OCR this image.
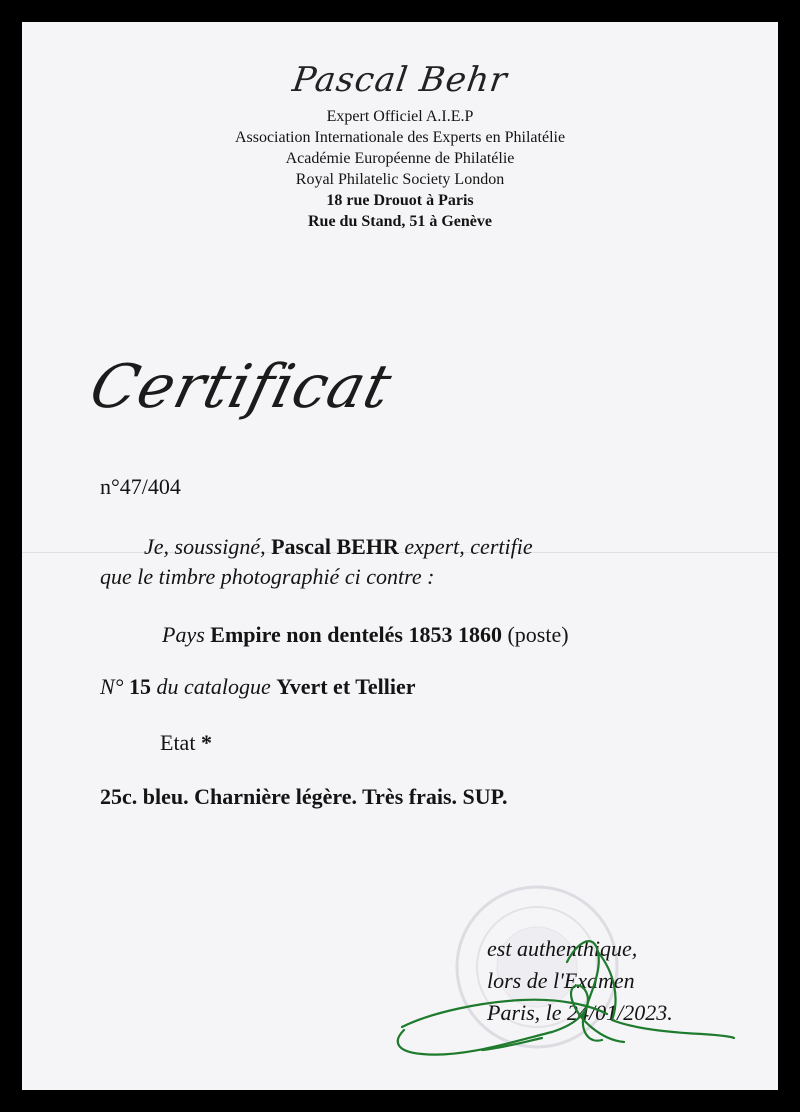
Pascal Behr
Expert Officiel A.I.E.P
Association Internationale des Experts en Philatélie
Académie Européenne de Philatélie
Royal Philatelic Society London
18 rue Drouot à Paris
Rue du Stand, 51 à Genève
Certificat
n°47/404
Je, soussigné, Pascal BEHR expert, certifie
que le timbre photographié ci contre :
Pays Empire non dentelés 1853 1860 (poste)
N° 15 du catalogue Yvert et Tellier
Etat *
25c. bleu. Charnière légère. Très frais. SUP.
est authenthique,
lors de l'Examen
Paris, le 24/01/2023.
